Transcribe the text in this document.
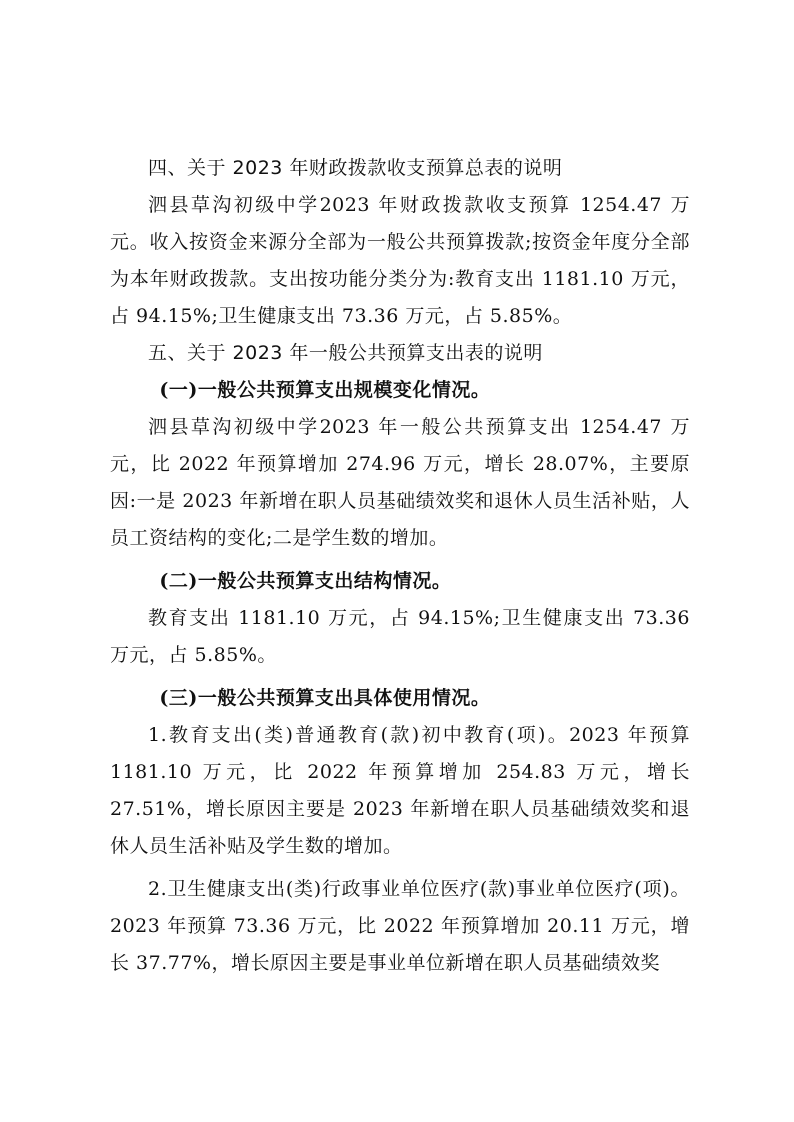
四、关于 2023 年财政拨款收支预算总表的说明

泗县草沟初级中学2023 年财政拨款收支预算 1254.47 万元。收入按资金来源分全部为一般公共预算拨款;按资金年度分全部为本年财政拨款。支出按功能分类分为:教育支出 1181.10 万元，占 94.15%;卫生健康支出 73.36 万元，占 5.85%。

五、关于 2023 年一般公共预算支出表的说明

(一)一般公共预算支出规模变化情况。

泗县草沟初级中学2023 年一般公共预算支出 1254.47 万元，比 2022 年预算增加 274.96 万元，增长 28.07%，主要原因:一是 2023 年新增在职人员基础绩效奖和退休人员生活补贴，人员工资结构的变化;二是学生数的增加。

(二)一般公共预算支出结构情况。

教育支出 1181.10 万元，占 94.15%;卫生健康支出 73.36 万元，占 5.85%。

(三)一般公共预算支出具体使用情况。

1.教育支出(类)普通教育(款)初中教育(项)。2023 年预算 1181.10 万元，比 2022 年预算增加 254.83 万元，增长 27.51%，增长原因主要是 2023 年新增在职人员基础绩效奖和退休人员生活补贴及学生数的增加。

2.卫生健康支出(类)行政事业单位医疗(款)事业单位医疗(项)。2023 年预算 73.36 万元，比 2022 年预算增加 20.11 万元，增长 37.77%，增长原因主要是事业单位新增在职人员基础绩效奖
